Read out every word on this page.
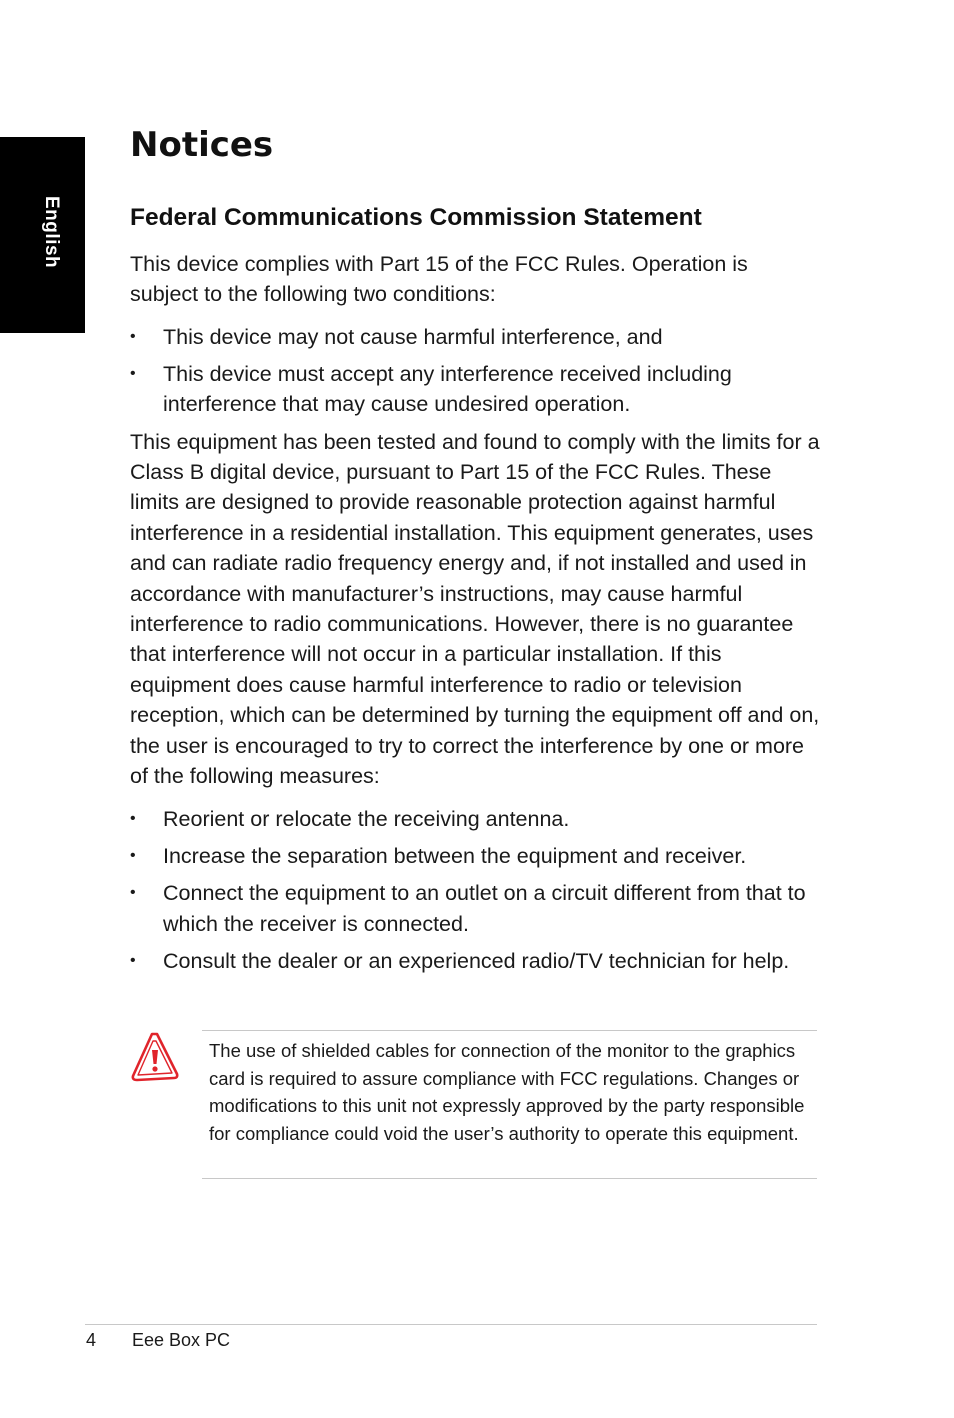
English
Notices
Federal Communications Commission Statement

This device complies with Part 15 of the FCC Rules. Operation is subject to the following two conditions:

• This device may not cause harmful interference, and
• This device must accept any interference received including interference that may cause undesired operation.

This equipment has been tested and found to comply with the limits for a Class B digital device, pursuant to Part 15 of the FCC Rules. These limits are designed to provide reasonable protection against harmful interference in a residential installation. This equipment generates, uses and can radiate radio frequency energy and, if not installed and used in accordance with manufacturer’s instructions, may cause harmful interference to radio communications. However, there is no guarantee that interference will not occur in a particular installation. If this equipment does cause harmful interference to radio or television reception, which can be determined by turning the equipment off and on, the user is encouraged to try to correct the interference by one or more of the following measures:

• Reorient or relocate the receiving antenna.
• Increase the separation between the equipment and receiver.
• Connect the equipment to an outlet on a circuit different from that to which the receiver is connected.
• Consult the dealer or an experienced radio/TV technician for help.

The use of shielded cables for connection of the monitor to the graphics card is required to assure compliance with FCC regulations. Changes or modiﬁcations to this unit not expressly approved by the party responsible for compliance could void the user’s authority to operate this equipment.

4 Eee Box PC
